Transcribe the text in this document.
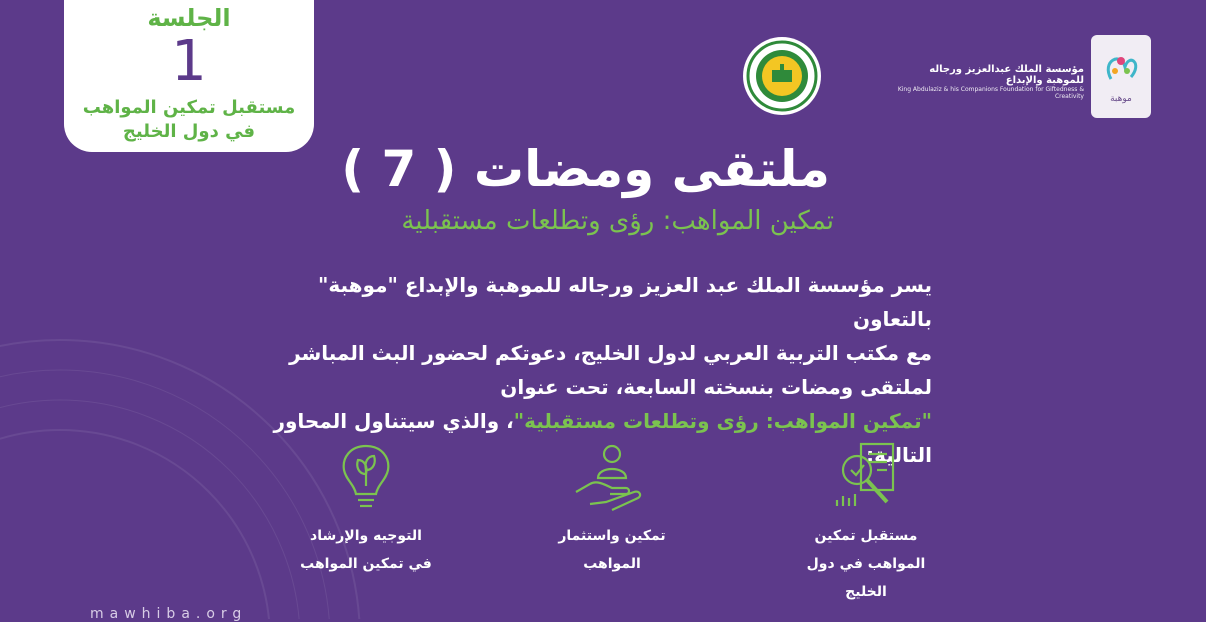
الجلسة
1
مستقبل تمكين المواهب
في دول الخليج
مؤسسة الملك عبدالعزيز ورجاله للموهبة والإبداع
King Abdulaziz & his Companions Foundation for Giftedness & Creativity	موهبة
ملتقى ومضات ( 7 )
تمكين المواهب: رؤى وتطلعات مستقبلية
يسر مؤسسة الملك عبد العزيز ورجاله للموهبة والإبداع "موهبة" بالتعاون
مع مكتب التربية العربي لدول الخليج، دعوتكم لحضور البث المباشر
لملتقى ومضات بنسخته السابعة، تحت عنوان
"تمكين المواهب: رؤى وتطلعات مستقبلية"، والذي سيتناول المحاور التالية:
مستقبل تمكين
المواهب في دول
الخليج
تمكين واستثمار
المواهب
التوجيه والإرشاد
في تمكين المواهب
mawhiba.org
